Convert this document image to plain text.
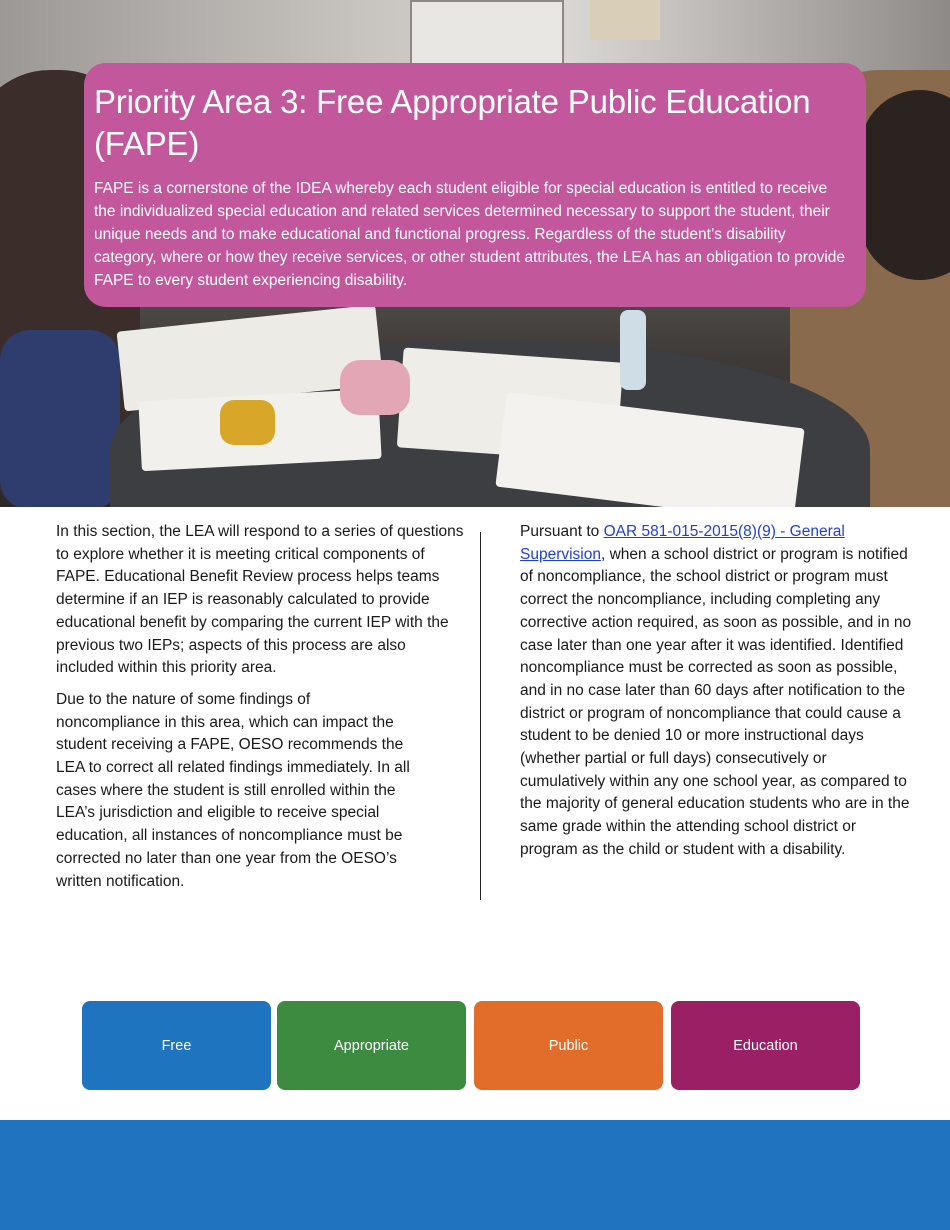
Priority Area 3: Free Appropriate Public Education (FAPE)

FAPE is a cornerstone of the IDEA whereby each student eligible for special education is entitled to receive the individualized special education and related services determined necessary to support the student, their unique needs and to make educational and functional progress. Regardless of the student’s disability category, where or how they receive services, or other student attributes, the LEA has an obligation to provide FAPE to every student experiencing disability.

In this section, the LEA will respond to a series of questions to explore whether it is meeting critical components of FAPE. Educational Benefit Review process helps teams determine if an IEP is reasonably calculated to provide educational benefit by comparing the current IEP with the previous two IEPs; aspects of this process are also included within this priority area.

Due to the nature of some findings of noncompliance in this area, which can impact the student receiving a FAPE, OESO recommends the LEA to correct all related findings immediately. In all cases where the student is still enrolled within the LEA’s jurisdiction and eligible to receive special education, all instances of noncompliance must be corrected no later than one year from the OESO’s written notification.

Pursuant to OAR 581-015-2015(8)(9) - General Supervision, when a school district or program is notified of noncompliance, the school district or program must correct the noncompliance, including completing any corrective action required, as soon as possible, and in no case later than one year after it was identified. Identified noncompliance must be corrected as soon as possible, and in no case later than 60 days after notification to the district or program of noncompliance that could cause a student to be denied 10 or more instructional days (whether partial or full days) consecutively or cumulatively within any one school year, as compared to the majority of general education students who are in the same grade within the attending school district or program as the child or student with a disability.

Free	Appropriate	Public	Education
